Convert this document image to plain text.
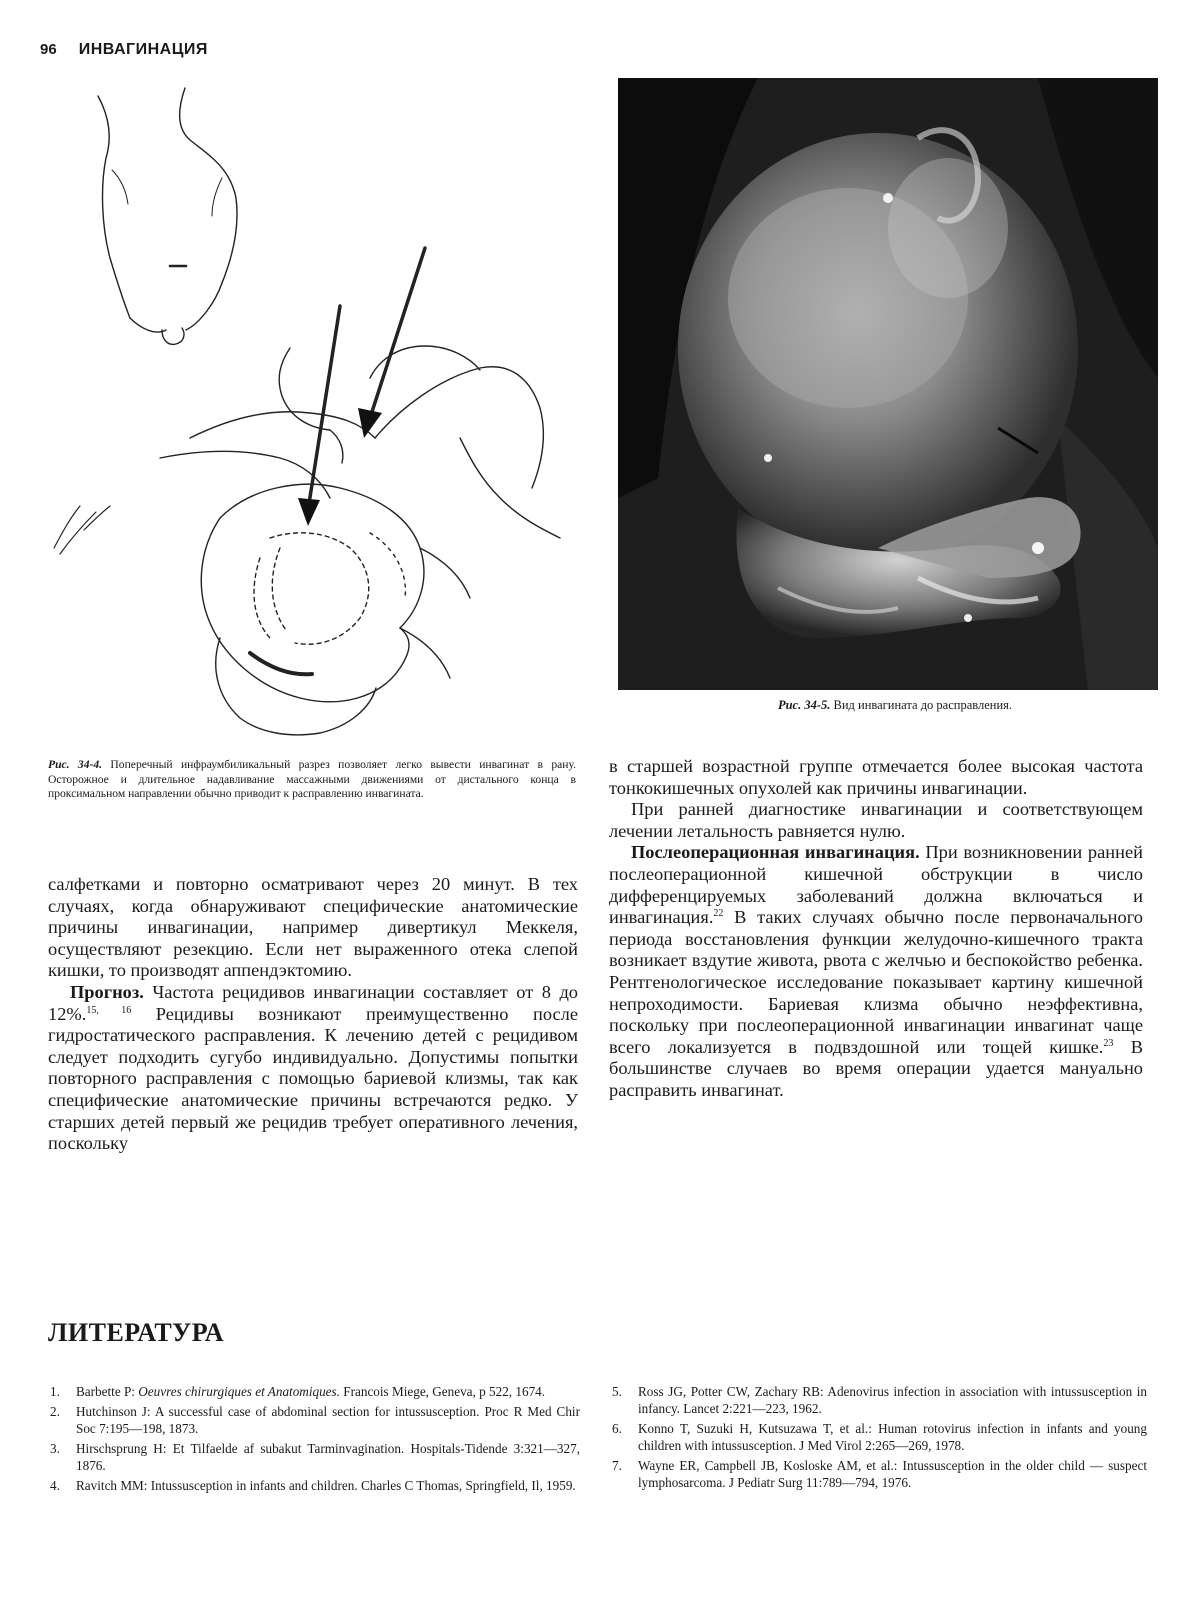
96 ИНВАГИНАЦИЯ
Рис. 34-5. Вид инвагината до расправления.
Рис. 34-4. Поперечный инфраумбиликальный разрез позволяет легко вывести инвагинат в рану. Осторожное и длительное надавливание массажными движениями от дистального конца в проксимальном направлении обычно приводит к расправлению инвагината.

салфетками и повторно осматривают через 20 минут. В тех случаях, когда обнаруживают специфические анатомические причины инвагинации, например дивертикул Меккеля, осуществляют резекцию. Если нет выраженного отека слепой кишки, то производят аппендэктомию.

Прогноз. Частота рецидивов инвагинации составляет от 8 до 12%.$^{15, 16}$ Рецидивы возникают преимущественно после гидростатического расправления. К лечению детей с рецидивом следует подходить сугубо индивидуально. Допустимы попытки повторного расправления с помощью бариевой клизмы, так как специфические анатомические причины встречаются редко. У старших детей первый же рецидив требует оперативного лечения, поскольку

в старшей возрастной группе отмечается более высокая частота тонкокишечных опухолей как причины инвагинации.

При ранней диагностике инвагинации и соответствующем лечении летальность равняется нулю.

Послеоперационная инвагинация. При возникновении ранней послеоперационной кишечной обструкции в число дифференцируемых заболеваний должна включаться и инвагинация.$^{22}$ В таких случаях обычно после первоначального периода восстановления функции желудочно-кишечного тракта возникает вздутие живота, рвота с желчью и беспокойство ребенка. Рентгенологическое исследование показывает картину кишечной непроходимости. Бариевая клизма обычно неэффективна, поскольку при послеоперационной инвагинации инвагинат чаще всего локализуется в подвздошной или тощей кишке.$^{23}$ В большинстве случаев во время операции удается мануально расправить инвагинат.

ЛИТЕРАТУРА
1. Barbette P: Oeuvres chirurgiques et Anatomiques. Francois Miege, Geneva, p 522, 1674.
2. Hutchinson J: A successful case of abdominal section for intussusception. Proc R Med Chir Soc 7:195—198, 1873.
3. Hirschsprung H: Et Tilfaelde af subakut Tarminvagination. Hospitals-Tidende 3:321—327, 1876.
4. Ravitch MM: Intussusception in infants and children. Charles C Thomas, Springfield, Il, 1959.
5. Ross JG, Potter CW, Zachary RB: Adenovirus infection in association with intussusception in infancy. Lancet 2:221—223, 1962.
6. Konno T, Suzuki H, Kutsuzawa T, et al.: Human rotovirus infection in infants and young children with intussusception. J Med Virol 2:265—269, 1978.
7. Wayne ER, Campbell JB, Kosloske AM, et al.: Intussusception in the older child — suspect lymphosarcoma. J Pediatr Surg 11:789—794, 1976.
